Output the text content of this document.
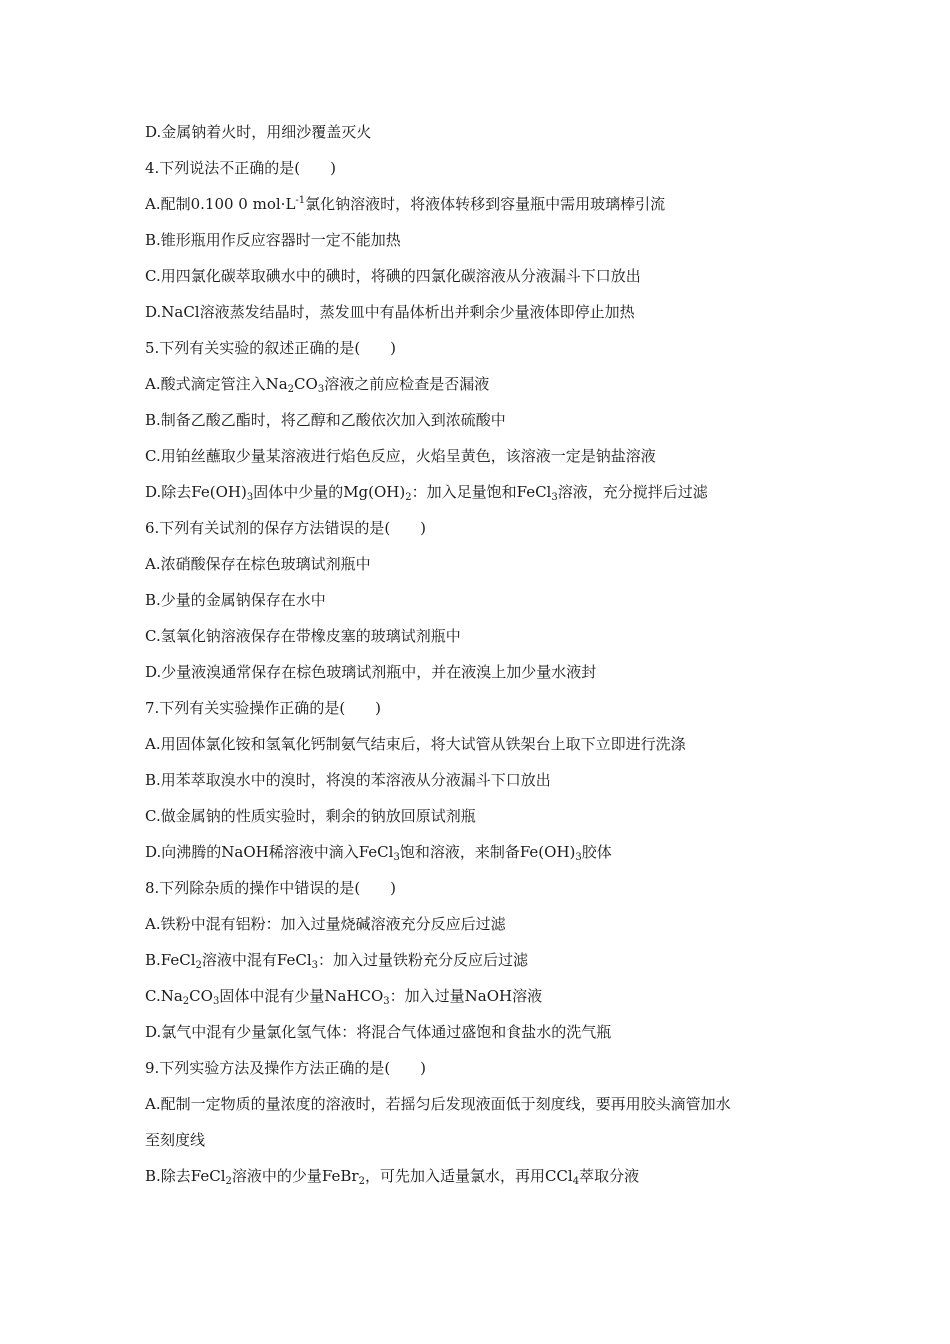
D.金属钠着火时，用细沙覆盖灭火
4.下列说法不正确的是(　　)
A.配制0.100 0 $mol\cdot L^{-1}$氯化钠溶液时，将液体转移到容量瓶中需用玻璃棒引流
B.锥形瓶用作反应容器时一定不能加热
C.用四氯化碳萃取碘水中的碘时，将碘的四氯化碳溶液从分液漏斗下口放出
D.NaCl溶液蒸发结晶时，蒸发皿中有晶体析出并剩余少量液体即停止加热
5.下列有关实验的叙述正确的是(　　)
A.酸式滴定管注入$Na_2CO_3$溶液之前应检查是否漏液
B.制备乙酸乙酯时，将乙醇和乙酸依次加入到浓硫酸中
C.用铂丝蘸取少量某溶液进行焰色反应，火焰呈黄色，该溶液一定是钠盐溶液
D.除去$Fe(OH)_3$固体中少量的$Mg(OH)_2$：加入足量饱和FeCl$_3$溶液，充分搅拌后过滤
6.下列有关试剂的保存方法错误的是(　　)
A.浓硝酸保存在棕色玻璃试剂瓶中
B.少量的金属钠保存在水中
C.氢氧化钠溶液保存在带橡皮塞的玻璃试剂瓶中
D.少量液溴通常保存在棕色玻璃试剂瓶中，并在液溴上加少量水液封
7.下列有关实验操作正确的是(　　)
A.用固体氯化铵和氢氧化钙制氨气结束后，将大试管从铁架台上取下立即进行洗涤
B.用苯萃取溴水中的溴时，将溴的苯溶液从分液漏斗下口放出
C.做金属钠的性质实验时，剩余的钠放回原试剂瓶
D.向沸腾的NaOH稀溶液中滴入FeCl$_3$饱和溶液，来制备$Fe(OH)_3$胶体
8.下列除杂质的操作中错误的是(　　)
A.铁粉中混有铝粉：加入过量烧碱溶液充分反应后过滤
B.FeCl$_2$溶液中混有FeCl$_3$：加入过量铁粉充分反应后过滤
$C.Na_2CO_3$固体中混有少量NaHCO$_3$：加入过量NaOH溶液
D.氯气中混有少量氯化氢气体：将混合气体通过盛饱和食盐水的洗气瓶
9.下列实验方法及操作方法正确的是(　　)
A.配制一定物质的量浓度的溶液时，若摇匀后发现液面低于刻度线，要再用胶头滴管加水
至刻度线
B.除去FeCl$_2$溶液中的少量FeBr$_2$，可先加入适量氯水，再用CCl$_4$萃取分液
